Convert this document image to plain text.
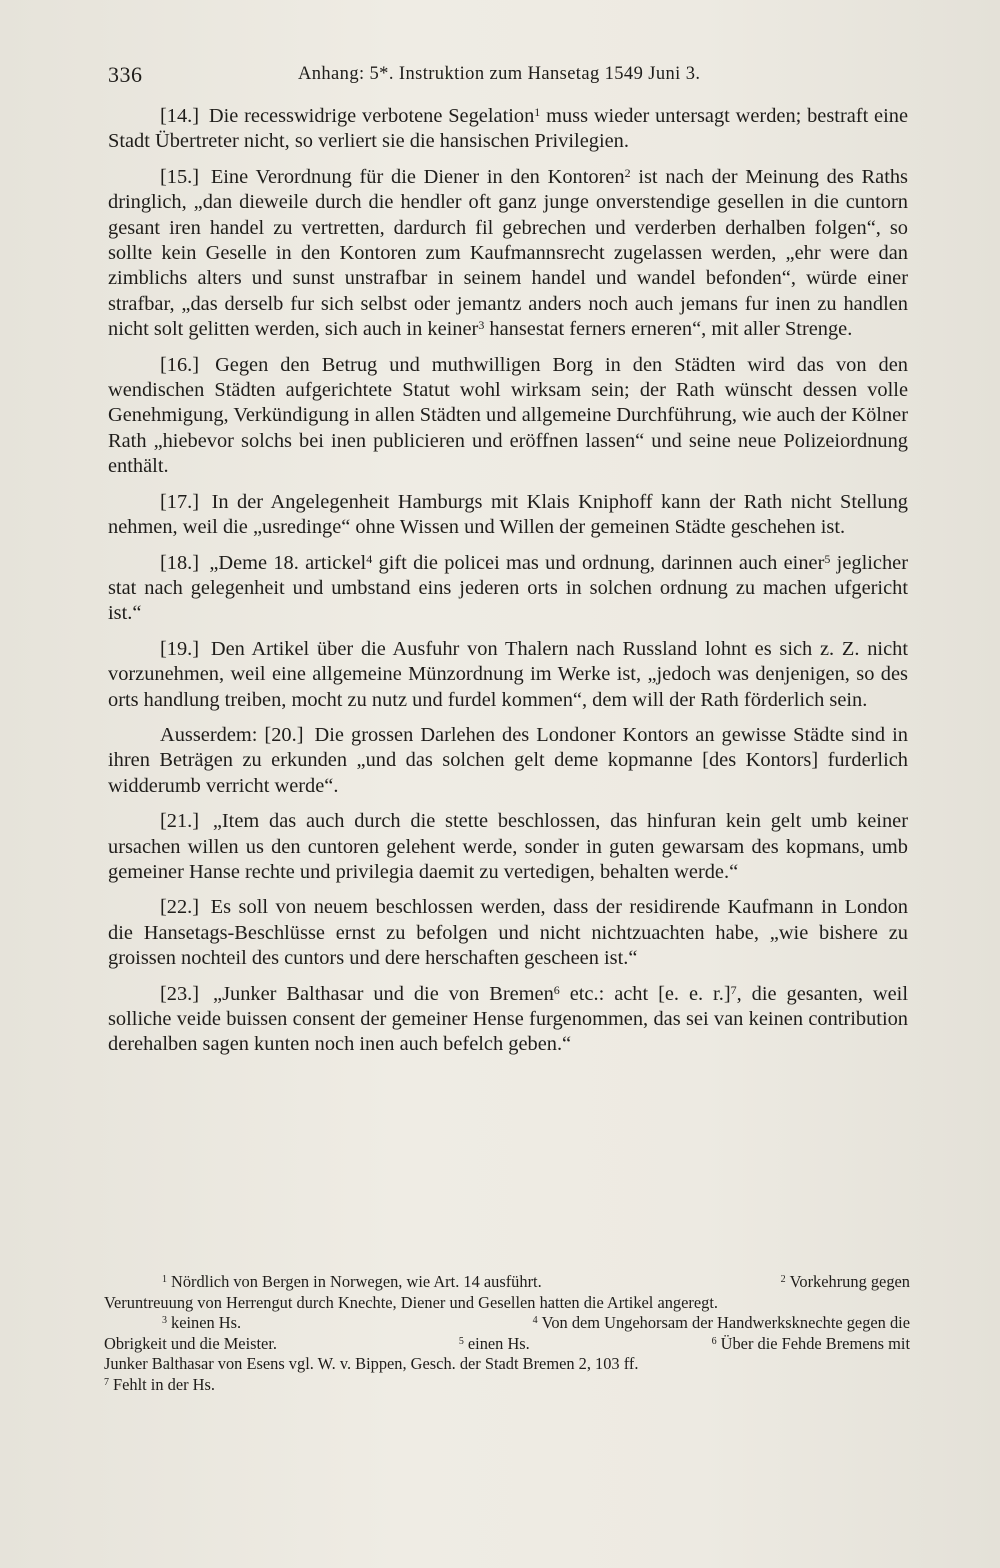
336	Anhang: 5*. Instruktion zum Hansetag 1549 Juni 3.

[14.] Die recesswidrige verbotene Segelation$^1$ muss wieder untersagt werden; bestraft eine Stadt Übertreter nicht, so verliert sie die hansischen Privilegien.

[15.] Eine Verordnung für die Diener in den Kontoren$^2$ ist nach der Meinung des Raths dringlich, „dan dieweile durch die hendler oft ganz junge onverstendige gesellen in die cuntorn gesant iren handel zu vertretten, dardurch fil gebrechen und verderben derhalben folgen“, so sollte kein Geselle in den Kontoren zum Kaufmannsrecht zugelassen werden, „ehr were dan zimblichs alters und sunst unstrafbar in seinem handel und wandel befonden“, würde einer strafbar, „das derselb fur sich selbst oder jemantz anders noch auch jemans fur inen zu handlen nicht solt gelitten werden, sich auch in keiner$^3$ hansestat ferners erneren“, mit aller Strenge.

[16.] Gegen den Betrug und muthwilligen Borg in den Städten wird das von den wendischen Städten aufgerichtete Statut wohl wirksam sein; der Rath wünscht dessen volle Genehmigung, Verkündigung in allen Städten und allgemeine Durchführung, wie auch der Kölner Rath „hiebevor solchs bei inen publicieren und eröffnen lassen“ und seine neue Polizeiordnung enthält.

[17.] In der Angelegenheit Hamburgs mit Klais Kniphoff kann der Rath nicht Stellung nehmen, weil die „usredinge“ ohne Wissen und Willen der gemeinen Städte geschehen ist.

[18.] „Deme 18. artickel$^4$ gift die policei mas und ordnung, darinnen auch einer$^5$ jeglicher stat nach gelegenheit und umbstand eins jederen orts in solchen ordnung zu machen ufgericht ist.“

[19.] Den Artikel über die Ausfuhr von Thalern nach Russland lohnt es sich z. Z. nicht vorzunehmen, weil eine allgemeine Münzordnung im Werke ist, „jedoch was denjenigen, so des orts handlung treiben, mocht zu nutz und furdel kommen“, dem will der Rath förderlich sein.

Ausserdem: [20.] Die grossen Darlehen des Londoner Kontors an gewisse Städte sind in ihren Beträgen zu erkunden „und das solchen gelt deme kopmanne [des Kontors] furderlich widderumb verricht werde“.

[21.] „Item das auch durch die stette beschlossen, das hinfuran kein gelt umb keiner ursachen willen us den cuntoren gelehent werde, sonder in guten gewarsam des kopmans, umb gemeiner Hanse rechte und privilegia daemit zu vertedigen, behalten werde.“

[22.] Es soll von neuem beschlossen werden, dass der residirende Kaufmann in London die Hansetags-Beschlüsse ernst zu befolgen und nicht nichtzuachten habe, „wie bishere zu groissen nochteil des cuntors und dere herschaften gescheen ist.“

[23.] „Junker Balthasar und die von Bremen$^6$ etc.: acht [e. e. r.]$^7$, die gesanten, weil solliche veide buissen consent der gemeiner Hense furgenommen, das sei van keinen contribution derehalben sagen kunten noch inen auch befelch geben.“

$^1$ Nördlich von Bergen in Norwegen, wie Art. 14 ausführt.	$^2$ Vorkehrung gegen
Veruntreuung von Herrengut durch Knechte, Diener und Gesellen hatten die Artikel angeregt.
$^3$ keinen Hs.	$^4$ Von dem Ungehorsam der Handwerksknechte gegen die
Obrigkeit und die Meister.	$^5$ einen Hs.	$^6$ Über die Fehde Bremens mit
Junker Balthasar von Esens vgl. W. v. Bippen, Gesch. der Stadt Bremen 2, 103 ff.
$^7$ Fehlt in der Hs.
